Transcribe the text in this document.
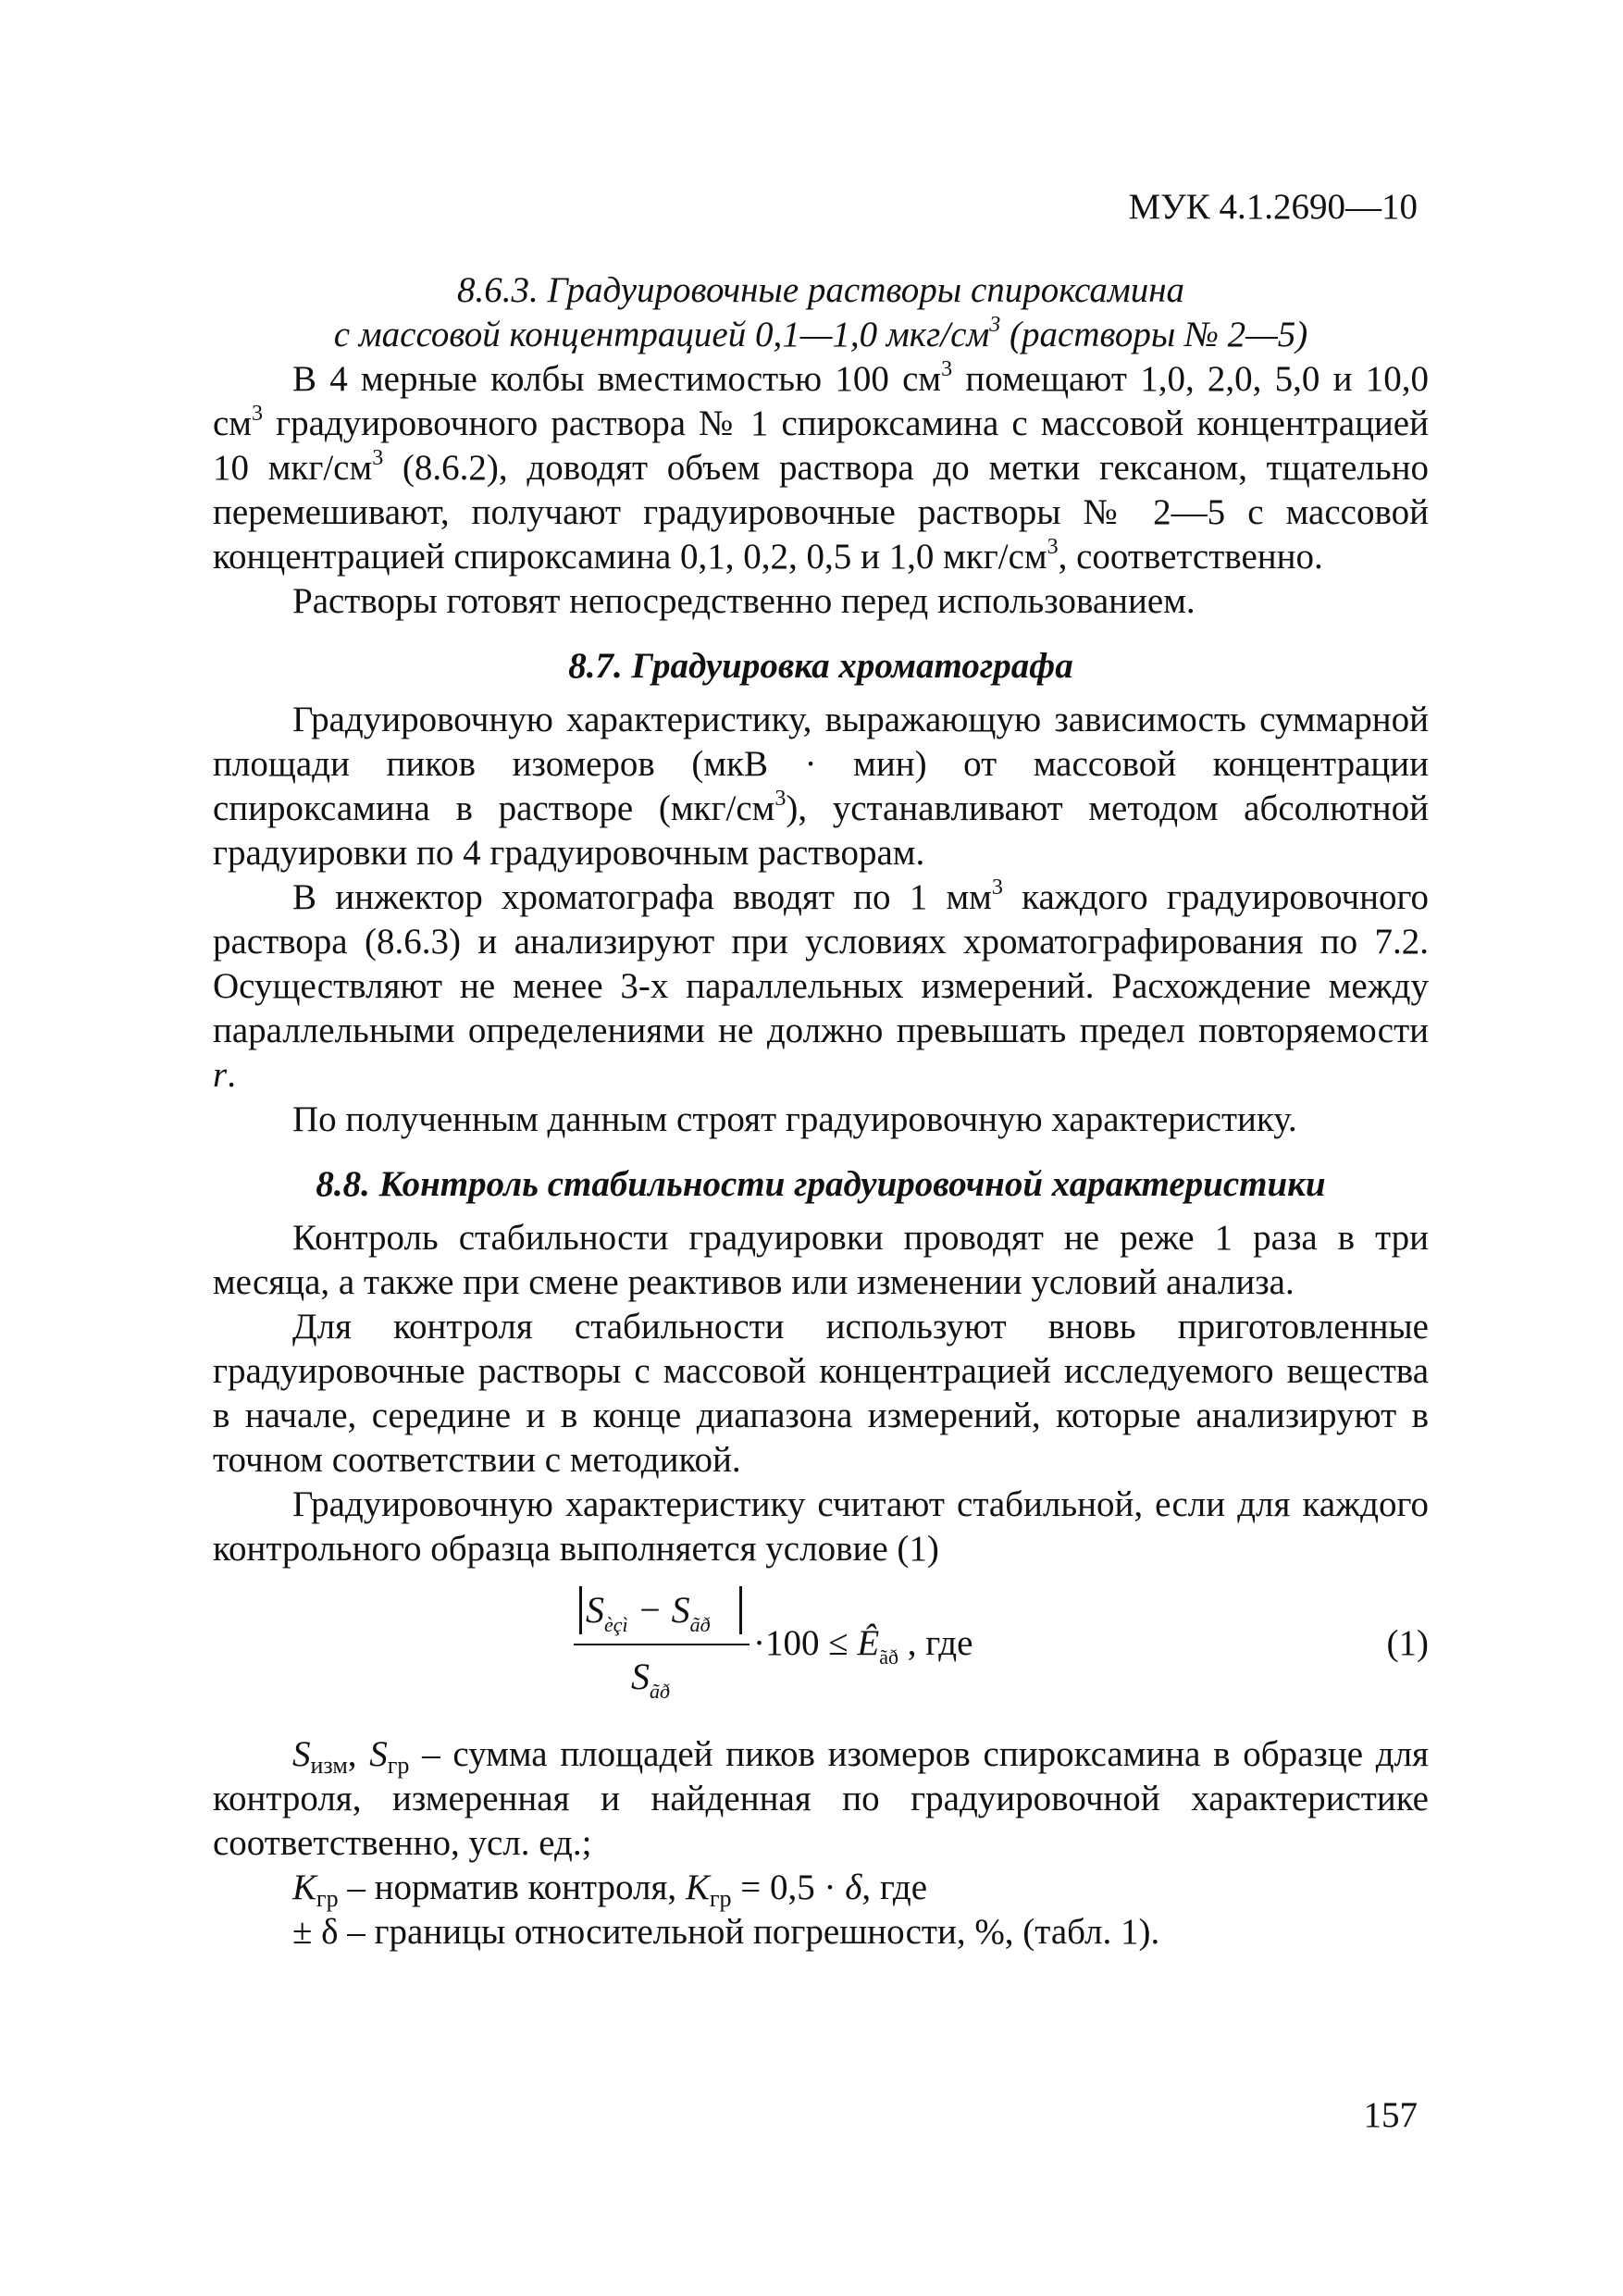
МУК 4.1.2690—10
8.6.3. Градуировочные растворы спироксамина
с массовой концентрацией 0,1—1,0 мкг/$см^3$ (растворы № 2—5)

В 4 мерные колбы вместимостью 100 $см^3$ помещают 1,0, 2,0, 5,0 и 10,0 $см^3$ градуировочного раствора № 1 спироксамина с массовой концентрацией 10 мкг/$см^3$ (8.6.2), доводят объем раствора до метки гексаном, тщательно перемешивают, получают градуировочные растворы № 2—5 с массовой концентрацией спироксамина 0,1, 0,2, 0,5 и 1,0 мкг/$см^3$, соответственно.

Растворы готовят непосредственно перед использованием.

8.7. Градуировка хроматографа

Градуировочную характеристику, выражающую зависимость суммарной площади пиков изомеров (мкВ · мин) от массовой концентрации спироксамина в растворе $(мкг/см^3)$, устанавливают методом абсолютной градуировки по 4 градуировочным растворам.

В инжектор хроматографа вводят по 1 $мм^3$ каждого градуировочного раствора (8.6.3) и анализируют при условиях хроматографирования по 7.2. Осуществляют не менее 3-х параллельных измерений. Расхождение между параллельными определениями не должно превышать предел повторяемости r.

По полученным данным строят градуировочную характеристику.

8.8. Контроль стабильности градуировочной характеристики

Контроль стабильности градуировки проводят не реже 1 раза в три месяца, а также при смене реактивов или изменении условий анализа.

Для контроля стабильности используют вновь приготовленные градуировочные растворы с массовой концентрацией исследуемого вещества в начале, середине и в конце диапазона измерений, которые анализируют в точном соответствии с методикой.

Градуировочную характеристику считают стабильной, если для каждого контрольного образца выполняется условие (1)

$S_{èçì} - S_{ãð}$
$S_{ãð}$
$\cdot 100 \le Ê_{ãð}$ , где	(1)

$S_{изм}$, $S_{гр}$ – сумма площадей пиков изомеров спироксамина в образце для контроля, измеренная и найденная по градуировочной характеристике соответственно, усл. ед.;

$К_{гр}$ – норматив контроля, $К_{гр} = 0,5 \cdot \delta$, где

± δ – границы относительной погрешности, %, (табл. 1).

157
